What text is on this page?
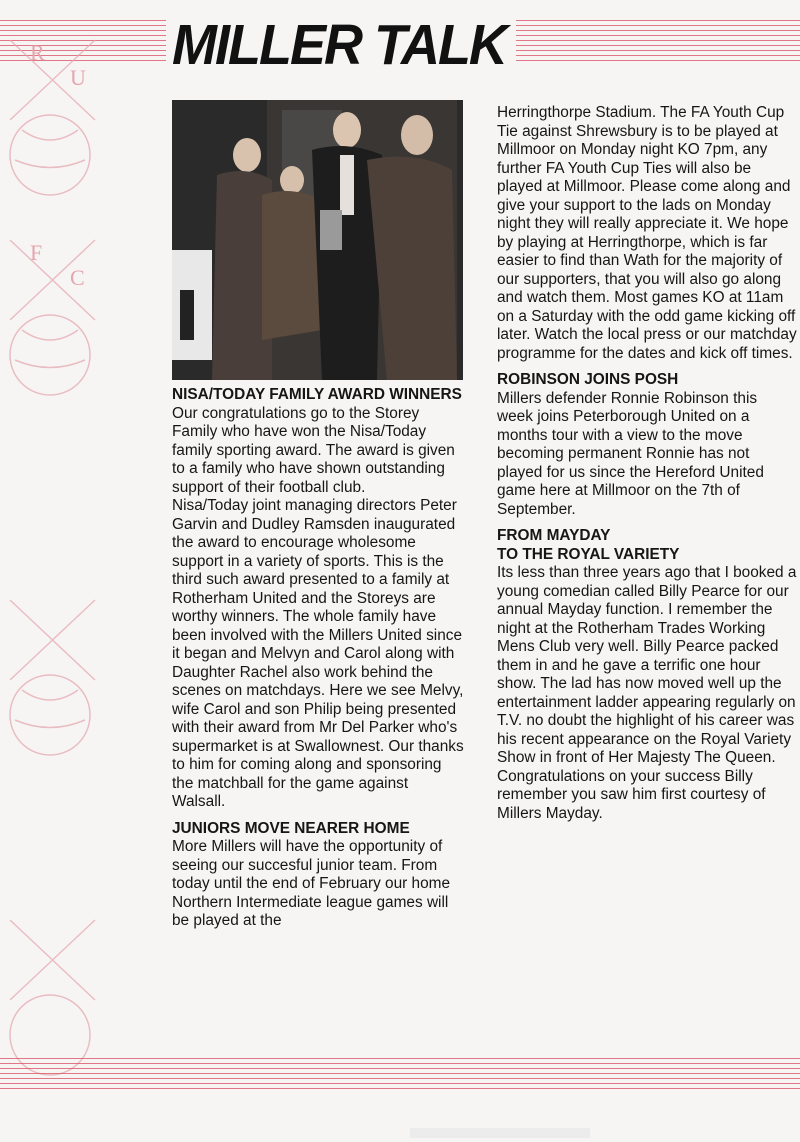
MILLER TALK
R
U
F
C
NISA/TODAY FAMILY AWARD WINNERS

Our congratulations go to the Storey Family who have won the Nisa/Today family sporting award. The award is given to a family who have shown outstanding support of their football club.

Nisa/Today joint managing directors Peter Garvin and Dudley Ramsden inaugurated the award to encourage wholesome support in a variety of sports. This is the third such award presented to a family at Rotherham United and the Storeys are worthy winners. The whole family have been involved with the Millers United since it began and Melvyn and Carol along with Daughter Rachel also work behind the scenes on matchdays. Here we see Melvy, wife Carol and son Philip being presented with their award from Mr Del Parker who's supermarket is at Swallownest. Our thanks to him for coming along and sponsoring the matchball for the game against Walsall.

JUNIORS MOVE NEARER HOME

More Millers will have the opportunity of seeing our succesful junior team. From today until the end of February our home Northern Intermediate league games will be played at the

Herringthorpe Stadium. The FA Youth Cup Tie against Shrewsbury is to be played at Millmoor on Monday night KO 7pm, any further FA Youth Cup Ties will also be played at Millmoor. Please come along and give your support to the lads on Monday night they will really appreciate it. We hope by playing at Herringthorpe, which is far easier to find than Wath for the majority of our supporters, that you will also go along and watch them. Most games KO at 11am on a Saturday with the odd game kicking off later. Watch the local press or our matchday programme for the dates and kick off times.

ROBINSON JOINS POSH

Millers defender Ronnie Robinson this week joins Peterborough United on a months tour with a view to the move becoming permanent Ronnie has not played for us since the Hereford United game here at Millmoor on the 7th of September.

FROM MAYDAY
TO THE ROYAL VARIETY

Its less than three years ago that I booked a young comedian called Billy Pearce for our annual Mayday function. I remember the night at the Rotherham Trades Working Mens Club very well. Billy Pearce packed them in and he gave a terrific one hour show. The lad has now moved well up the entertainment ladder appearing regularly on T.V. no doubt the highlight of his career was his recent appearance on the Royal Variety Show in front of Her Majesty The Queen. Congratulations on your success Billy remember you saw him first courtesy of Millers Mayday.
